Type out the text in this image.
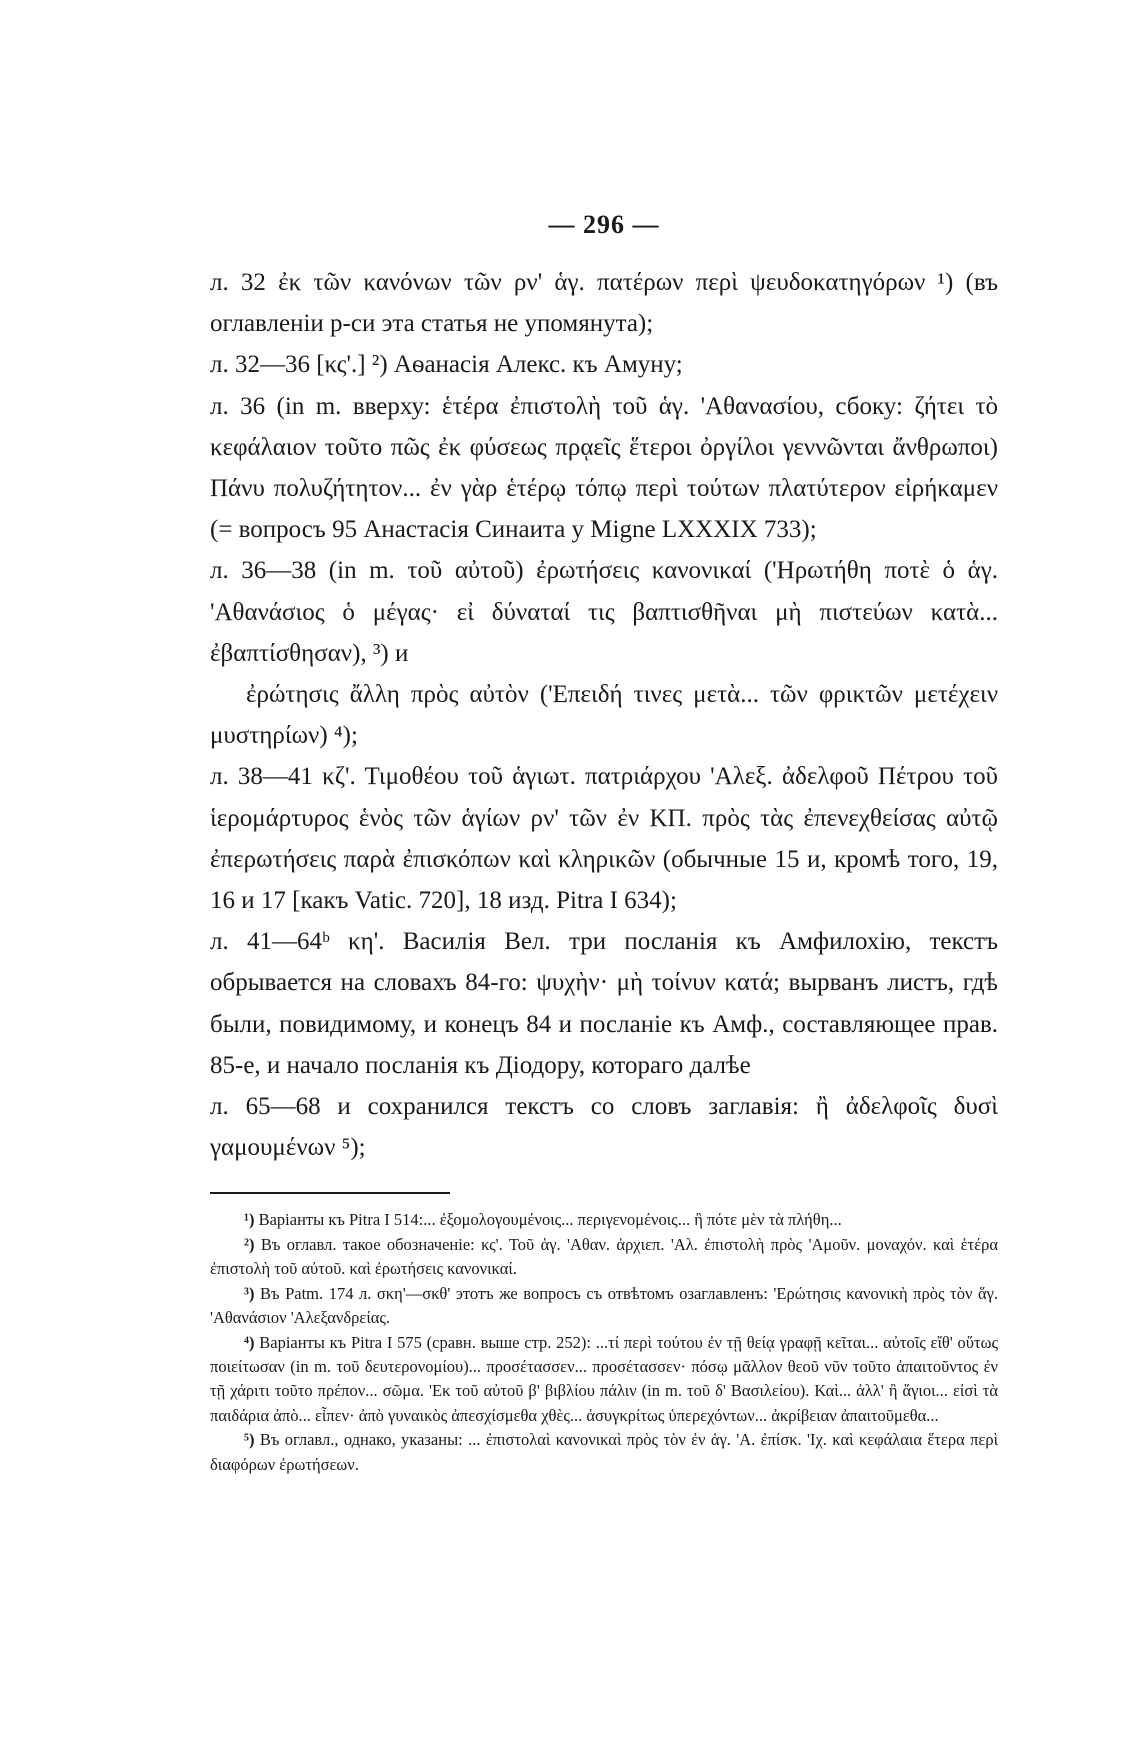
— 296 —

л. 32 ἐκ τῶν κανόνων τῶν ρν' ἁγ. πατέρων περὶ ψευδοκατηγόρων ¹) (въ оглавленіи р-си эта статья не упомянута);

л. 32—36 [κς'.] ²) Аѳанасія Алекс. къ Амуну;

л. 36 (in m. вверху: ἑτέρα ἐπιστολὴ τοῦ ἁγ. 'Αθανασίου, сбоку: ζήτει τὸ κεφάλαιον τοῦτο πῶς ἐκ φύσεως πρᾳεῖς ἕτεροι ὀργίλοι γεννῶνται ἄνθρωποι) Πάνυ πολυζήτητον... ἐν γὰρ ἑτέρῳ τόπῳ περὶ τούτων πλατύτερον εἰρήκαμεν (= вопросъ 95 Анастасія Синаита у Migne LXXXIX 733);

л. 36—38 (in m. τοῦ αὐτοῦ) ἐρωτήσεις κανονικαί ('Ηρωτήθη ποτὲ ὁ ἁγ. 'Αθανάσιος ὁ μέγας· εἰ δύναταί τις βαπτισθῆναι μὴ πιστεύων κατὰ... ἐβαπτίσθησαν), ³) и

ἐρώτησις ἄλλη πρὸς αὐτὸν ('Επειδή τινες μετὰ... τῶν φρικτῶν μετέχειν μυστηρίων) ⁴);

л. 38—41 κζ'. Τιμοθέου τοῦ ἁγιωτ. πατριάρχου 'Αλεξ. ἀδελφοῦ Πέτρου τοῦ ἱερομάρτυρος ἑνὸς τῶν ἁγίων ρν' τῶν ἐν ΚΠ. πρὸς τὰς ἐπενεχθείσας αὐτῷ ἐπερωτήσεις παρὰ ἐπισκόπων καὶ κληρικῶν (обычные 15 и, кромѣ того, 19, 16 и 17 [какъ Vatic. 720], 18 изд. Pitra I 634);

л. 41—64ᵇ κη'. Василія Вел. три посланія къ Амфилохію, текстъ обрывается на словахъ 84-го: ψυχὴν· μὴ τοίνυν κατά; вырванъ листъ, гдѣ были, повидимому, и конецъ 84 и посланіе къ Амф., составляющее прав. 85-е, и начало посланія къ Діодору, котораго далѣе

л. 65—68 и сохранился текстъ со словъ заглавія: ἢ ἀδελφοῖς δυσὶ γαμουμένων ⁵);

¹) Варіанты къ Pitra I 514:... ἐξομολογουμένοις... περιγενομένοις... ἢ πότε μὲν τὰ πλήθη...

²) Въ оглавл. такое обозначеніе: κς'. Τοῦ ἁγ. 'Αθαν. ἀρχιεπ. 'Αλ. ἐπιστολὴ πρὸς 'Αμοῦν. μοναχόν. καὶ ἑτέρα ἐπιστολὴ τοῦ αὐτοῦ. καὶ ἐρωτήσεις κανονικαί.

³) Въ Patm. 174 л. σκη'—σκθ' этотъ же вопросъ съ отвѣтомъ озаглавленъ: 'Ερώτησις κανονικὴ πρὸς τὸν ἅγ. 'Αθανάσιον 'Αλεξανδρείας.

⁴) Варіанты къ Pitra I 575 (сравн. выше стр. 252): ...τί περὶ τούτου ἐν τῇ θείᾳ γραφῇ κεῖται... αὐτοῖς εἴθ' οὕτως ποιείτωσαν (in m. τοῦ δευτερονομίου)... προσέτασσεν... προσέτασσεν· πόσῳ μᾶλλον θεοῦ νῦν τοῦτο ἀπαιτοῦντος ἐν τῇ χάριτι τοῦτο πρέπον... σῶμα. 'Εκ τοῦ αὐτοῦ β' βιβλίου πάλιν (in m. τοῦ δ' Βασιλείου). Καὶ... ἀλλ' ἢ ἅγιοι... εἰσὶ τὰ παιδάρια ἀπὸ... εἶπεν· ἀπὸ γυναικὸς ἀπεσχίσμεθα χθὲς... ἀσυγκρίτως ὑπερεχόντων... ἀκρίβειαν ἀπαιτοῦμεθα...

⁵) Въ оглавл., однако, указаны: ... ἐπιστολαὶ κανονικαὶ πρὸς τὸν ἐν ἁγ. 'Α. ἐπίσκ. 'Ιχ. καὶ κεφάλαια ἕτερα περὶ διαφόρων ἐρωτήσεων.
